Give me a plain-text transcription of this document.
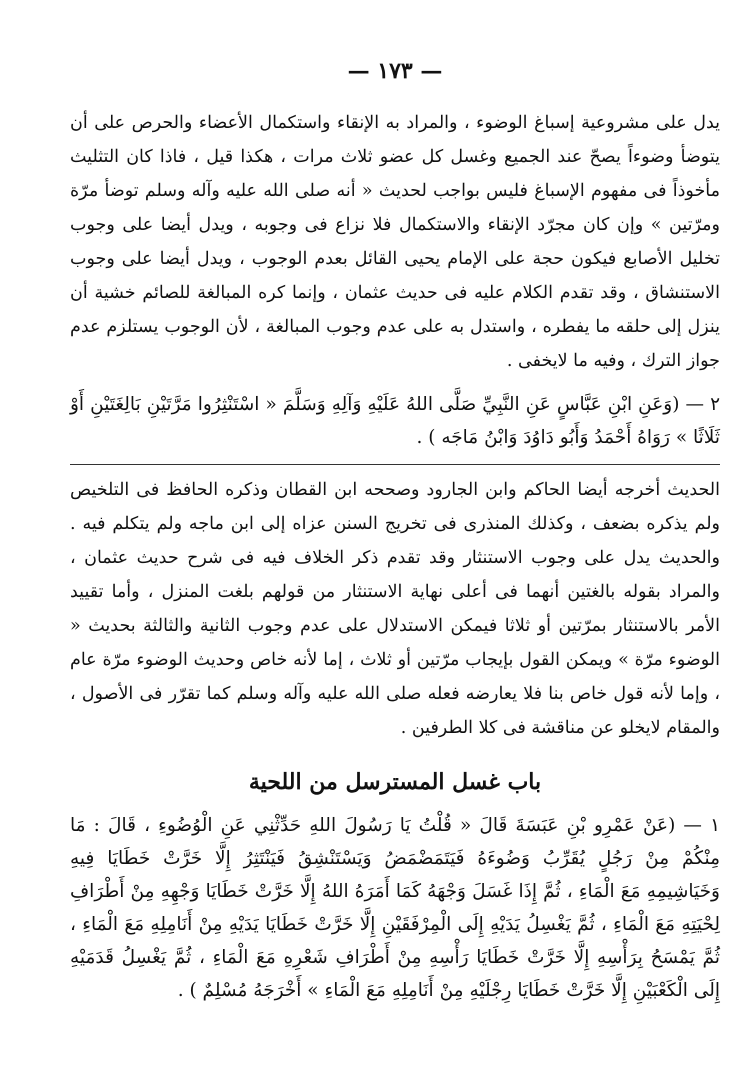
— ١٧٣ —

يدل على مشروعية إسباغ الوضوء ، والمراد به الإنقاء واستكمال الأعضاء والحرص على أن يتوضأ وضوءاً يصحّ عند الجميع وغسل كل عضو ثلاث مرات ، هكذا قيل ، فاذا كان التثليث مأخوذاً فى مفهوم الإسباغ فليس بواجب لحديث « أنه صلى الله عليه وآله وسلم توضأ مرّة ومرّتين » وإن كان مجرّد الإنقاء والاستكمال فلا نزاع فى وجوبه ، ويدل أيضا على وجوب تخليل الأصابع فيكون حجة على الإمام يحيى القائل بعدم الوجوب ، ويدل أيضا على وجوب الاستنشاق ، وقد تقدم الكلام عليه فى حديث عثمان ، وإنما كره المبالغة للصائم خشية أن ينزل إلى حلقه ما يفطره ، واستدل به على عدم وجوب المبالغة ، لأن الوجوب يستلزم عدم جواز الترك ، وفيه ما لايخفى .

٢ — (وَعَنِ ابْنِ عَبَّاسٍ عَنِ النَّبِيِّ صَلَّى اللهُ عَلَيْهِ وَآلِهِ وَسَلَّمَ « اسْتَنْثِرُوا مَرَّتَيْنِ بَالِغَتَيْنِ أَوْ ثَلَاثًا » رَوَاهُ أَحْمَدُ وَأَبُو دَاوُدَ وَابْنُ مَاجَه ) .

الحديث أخرجه أيضا الحاكم وابن الجارود وصححه ابن القطان وذكره الحافظ فى التلخيص ولم يذكره بضعف ، وكذلك المنذرى فى تخريج السنن عزاه إلى ابن ماجه ولم يتكلم فيه . والحديث يدل على وجوب الاستنثار وقد تقدم ذكر الخلاف فيه فى شرح حديث عثمان ، والمراد بقوله بالغتين أنهما فى أعلى نهاية الاستنثار من قولهم بلغت المنزل ، وأما تقييد الأمر بالاستنثار بمرّتين أو ثلاثا فيمكن الاستدلال على عدم وجوب الثانية والثالثة بحديث « الوضوء مرّة » ويمكن القول بإيجاب مرّتين أو ثلاث ، إما لأنه خاص وحديث الوضوء مرّة عام ، وإما لأنه قول خاص بنا فلا يعارضه فعله صلى الله عليه وآله وسلم كما تقرّر فى الأصول ، والمقام لايخلو عن مناقشة فى كلا الطرفين .

باب غسل المسترسل من اللحية

١ — (عَنْ عَمْرِو بْنِ عَبَسَةَ قَالَ « قُلْتُ يَا رَسُولَ اللهِ حَدِّثْنِي عَنِ الْوُضُوءِ ، قَالَ : مَا مِنْكُمْ مِنْ رَجُلٍ يُقَرِّبُ وَضُوءَهُ فَيَتَمَضْمَضُ وَيَسْتَنْشِقُ فَيَنْتَثِرُ إِلَّا خَرَّتْ خَطَايَا فِيهِ وَخَيَاشِيمِهِ مَعَ الْمَاءِ ، ثُمَّ إِذَا غَسَلَ وَجْهَهُ كَمَا أَمَرَهُ اللهُ إِلَّا خَرَّتْ خَطَايَا وَجْهِهِ مِنْ أَطْرَافِ لِحْيَتِهِ مَعَ الْمَاءِ ، ثُمَّ يَغْسِلُ يَدَيْهِ إِلَى الْمِرْفَقَيْنِ إِلَّا خَرَّتْ خَطَايَا يَدَيْهِ مِنْ أَنَامِلِهِ مَعَ الْمَاءِ ، ثُمَّ يَمْسَحُ بِرَأْسِهِ إِلَّا خَرَّتْ خَطَايَا رَأْسِهِ مِنْ أَطْرَافِ شَعْرِهِ مَعَ الْمَاءِ ، ثُمَّ يَغْسِلُ قَدَمَيْهِ إِلَى الْكَعْبَيْنِ إِلَّا خَرَّتْ خَطَايَا رِجْلَيْهِ مِنْ أَنَامِلِهِ مَعَ الْمَاءِ » أَخْرَجَهُ مُسْلِمٌ ) .
